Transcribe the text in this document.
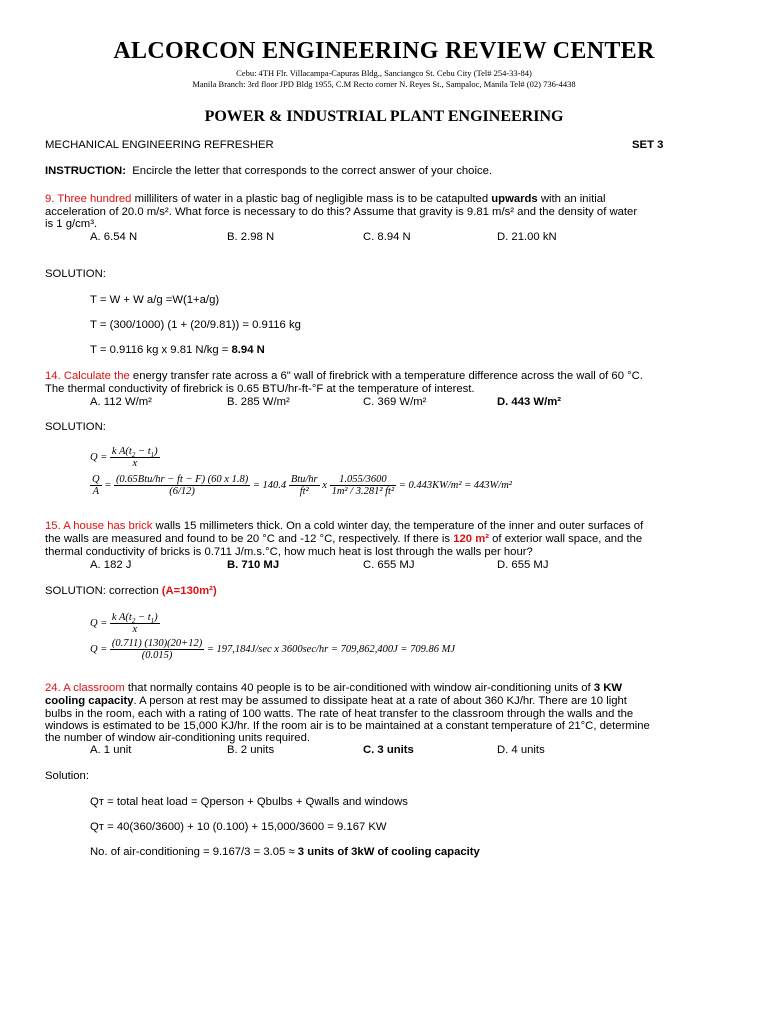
ALCORCON ENGINEERING REVIEW CENTER
Cebu: 4TH Flr. Villacampa-Capuras Bldg., Sanciangco St. Cebu City (Tel# 254-33-84)
Manila Branch: 3rd floor JPD Bldg 1955, C.M Recto corner N. Reyes St., Sampaloc, Manila Tel# (02) 736-4438
POWER & INDUSTRIAL PLANT ENGINEERING
MECHANICAL ENGINEERING REFRESHER	SET 3
INSTRUCTION: Encircle the letter that corresponds to the correct answer of your choice.
9. Three hundred milliliters of water in a plastic bag of negligible mass is to be catapulted upwards with an initial
acceleration of 20.0 m/s². What force is necessary to do this? Assume that gravity is 9.81 m/s² and the density of water
is 1 g/cm³.
A. 6.54 N	B. 2.98 N	C. 8.94 N	D. 21.00 kN
SOLUTION:
T = W + W a/g =W(1+a/g)
T = (300/1000) (1 + (20/9.81)) = 0.9116 kg
T = 0.9116 kg x 9.81 N/kg = 8.94 N
14. Calculate the energy transfer rate across a 6" wall of firebrick with a temperature difference across the wall of 60 °C.
The thermal conductivity of firebrick is 0.65 BTU/hr-ft-°F at the temperature of interest.
A. 112 W/m²	B. 285 W/m²	C. 369 W/m²	D. 443 W/m²
SOLUTION:
$Q = \frac{k A(t_2 - t_1)}{x}$
$\frac{Q}{A} = \frac{\text{(0.65Btu/hr − ft − F) (60 x 1.8)}}{(6/12)} = 140.4 \frac{\text{Btu/hr}}{\text{ft²}}$ x $\frac{1.055/3600}{\text{1m² / 3.281² ft²}} = 0.443KW/m^2 = 443W/m^2$
15. A house has brick walls 15 millimeters thick. On a cold winter day, the temperature of the inner and outer surfaces of
the walls are measured and found to be 20 °C and -12 °C, respectively. If there is 120 m² of exterior wall space, and the
thermal conductivity of bricks is 0.711 J/m.s.°C, how much heat is lost through the walls per hour?
A. 182 J	B. 710 MJ	C. 655 MJ	D. 655 MJ
SOLUTION: correction (A=130m²)
$Q = \frac{k A(t_2 - t_1)}{x}$
$Q = \frac{(0.711) (130)(20+12)}{(0.015)} = 197,184J/\sec$ x 3600sec/hr = 709,862,400J = 709.86 MJ
24. A classroom that normally contains 40 people is to be air-conditioned with window air-conditioning units of 3 KW
cooling capacity. A person at rest may be assumed to dissipate heat at a rate of about 360 KJ/hr. There are 10 light
bulbs in the room, each with a rating of 100 watts. The rate of heat transfer to the classroom through the walls and the
windows is estimated to be 15,000 KJ/hr. If the room air is to be maintained at a constant temperature of 21°C, determine
the number of window air-conditioning units required.
A. 1 unit	B. 2 units	C. 3 units	D. 4 units
Solution:
Qт = total heat load = Qperson + Qbulbs + Qwalls and windows
Qт = 40(360/3600) + 10 (0.100) + 15,000/3600 = 9.167 KW
No. of air-conditioning = 9.167/3 = 3.05 ≈ 3 units of 3kW of cooling capacity
